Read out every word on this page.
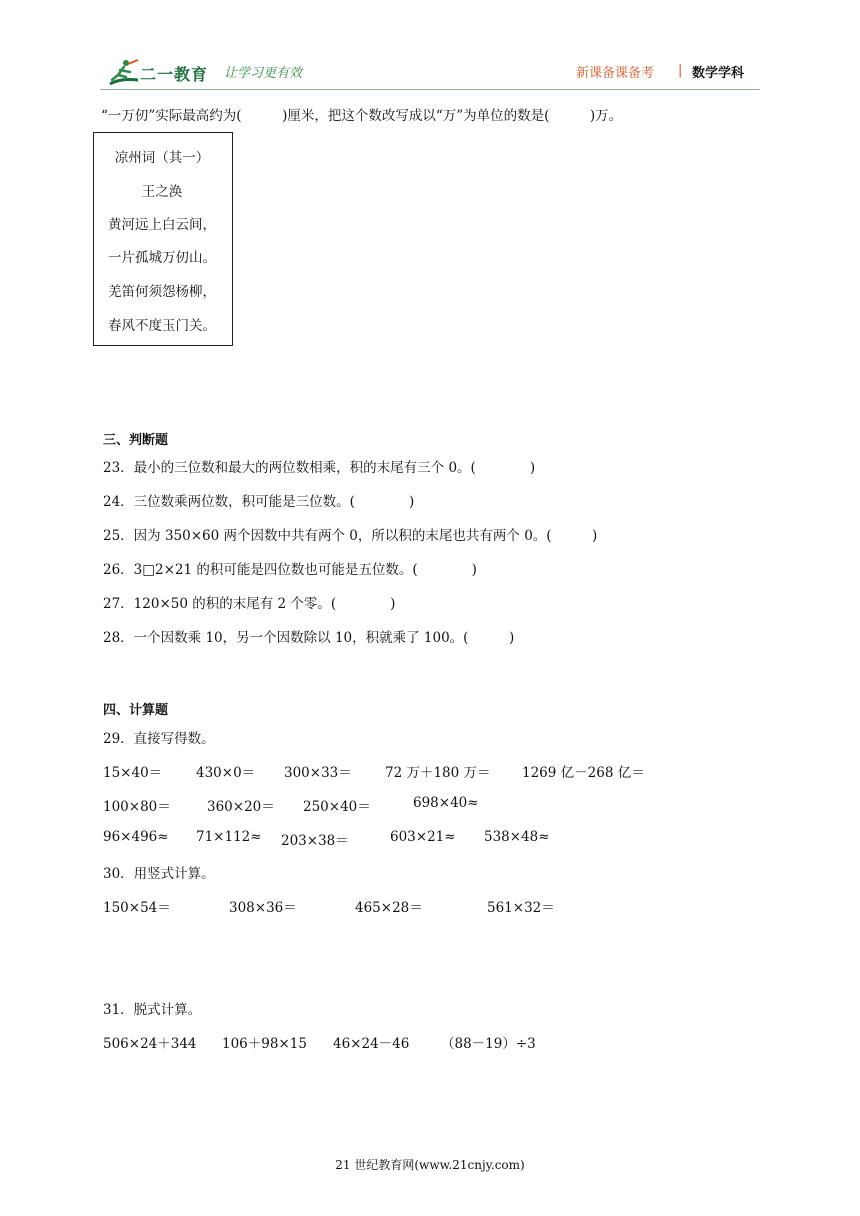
二一教育 让学习更有效	新课备课备考 | 数学学科
“一万仞”实际最高约为(　　　)厘米，把这个数改写成以“万”为单位的数是(　　　)万。
凉州词（其一）
王之涣
黄河远上白云间，
一片孤城万仞山。
羌笛何须怨杨柳，
春风不度玉门关。
三、判断题
23．最小的三位数和最大的两位数相乘，积的末尾有三个 0。(　　　　)
24．三位数乘两位数，积可能是三位数。(　　　　)
25．因为 350×60 两个因数中共有两个 0，所以积的末尾也共有两个 0。(　　　)
26．3□2×21 的积可能是四位数也可能是五位数。(　　　　)
27．120×50 的积的末尾有 2 个零。(　　　　)
28．一个因数乘 10，另一个因数除以 10，积就乘了 100。(　　　)
四、计算题
29．直接写得数。
15×40＝	430×0＝ 300×33＝ 72 万＋180 万＝ 1269 亿－268 亿＝
100×80＝	360×20＝ 250×40＝	698×40≈
96×496≈ 71×112≈ 203×38＝	603×21≈ 538×48≈
30．用竖式计算。
150×54＝	308×36＝	465×28＝	561×32＝
31．脱式计算。
506×24＋344 106＋98×15 46×24－46 （88－19）÷3
21 世纪教育网(www.21cnjy.com)
